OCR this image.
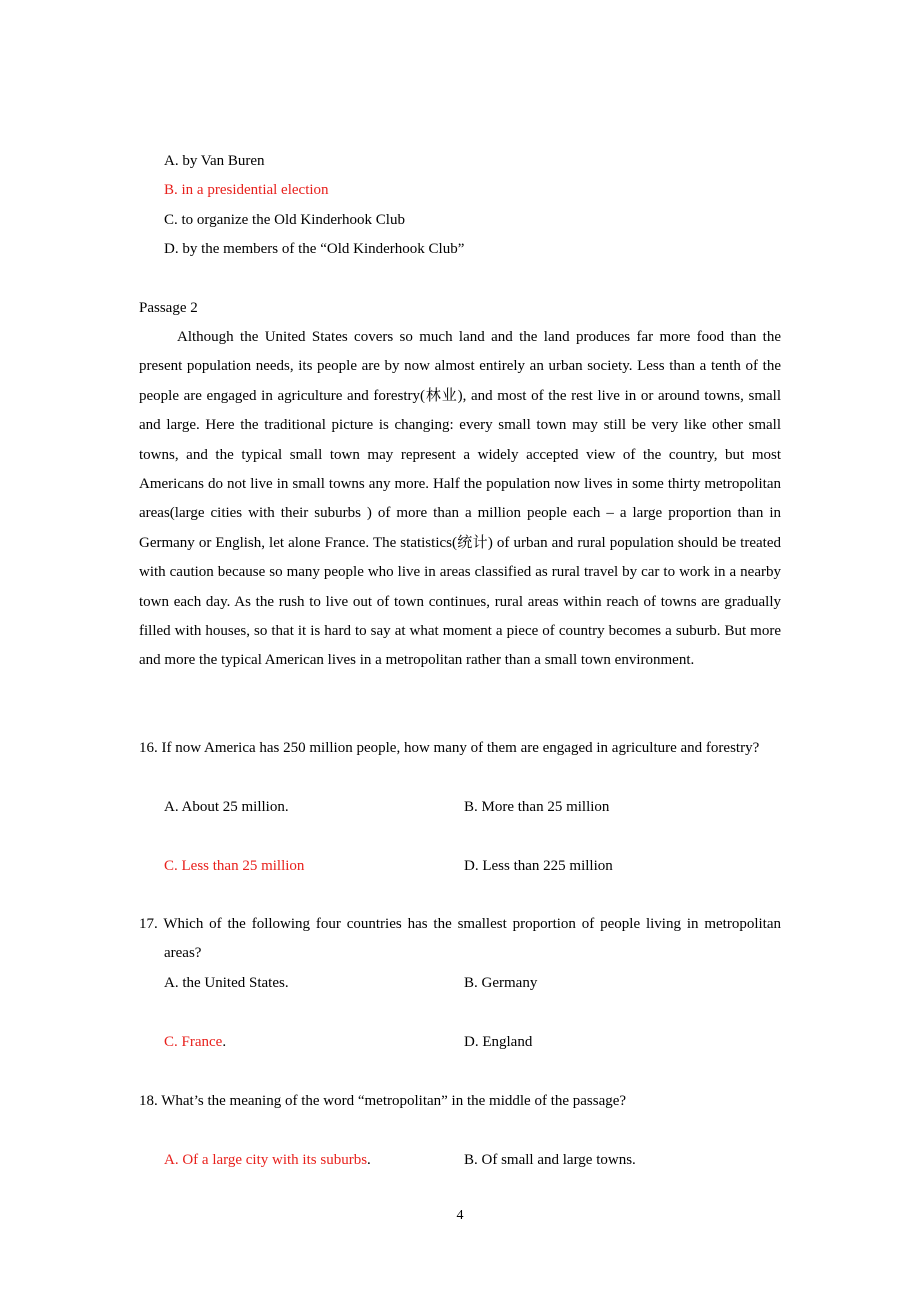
A. by Van Buren
B. in a presidential election
C. to organize the Old Kinderhook Club
D. by the members of the “Old Kinderhook Club”
Passage 2
Although the United States covers so much land and the land produces far more food than the present population needs, its people are by now almost entirely an urban society. Less than a tenth of the people are engaged in agriculture and forestry(林业), and most of the rest live in or around towns, small and large. Here the traditional picture is changing: every small town may still be very like other small towns, and the typical small town may represent a widely accepted view of the country, but most Americans do not live in small towns any more. Half the population now lives in some thirty metropolitan areas(large cities with their suburbs ) of more than a million people each – a large proportion than in Germany or English, let alone France. The statistics(统计) of urban and rural population should be treated with caution because so many people who live in areas classified as rural travel by car to work in a nearby town each day. As the rush to live out of town continues, rural areas within reach of towns are gradually filled with houses, so that it is hard to say at what moment a piece of country becomes a suburb. But more and more the typical American lives in a metropolitan rather than a small town environment.
16. If now America has 250 million people, how many of them are engaged in agriculture and forestry?
A. About 25 million.	B. More than 25 million
C. Less than 25 million	D. Less than 225 million
17. Which of the following four countries has the smallest proportion of people living in metropolitan areas?
A. the United States.	B. Germany
C. France.	D. England
18. What’s the meaning of the word “metropolitan” in the middle of the passage?
A. Of a large city with its suburbs.	B. Of small and large towns.
4
